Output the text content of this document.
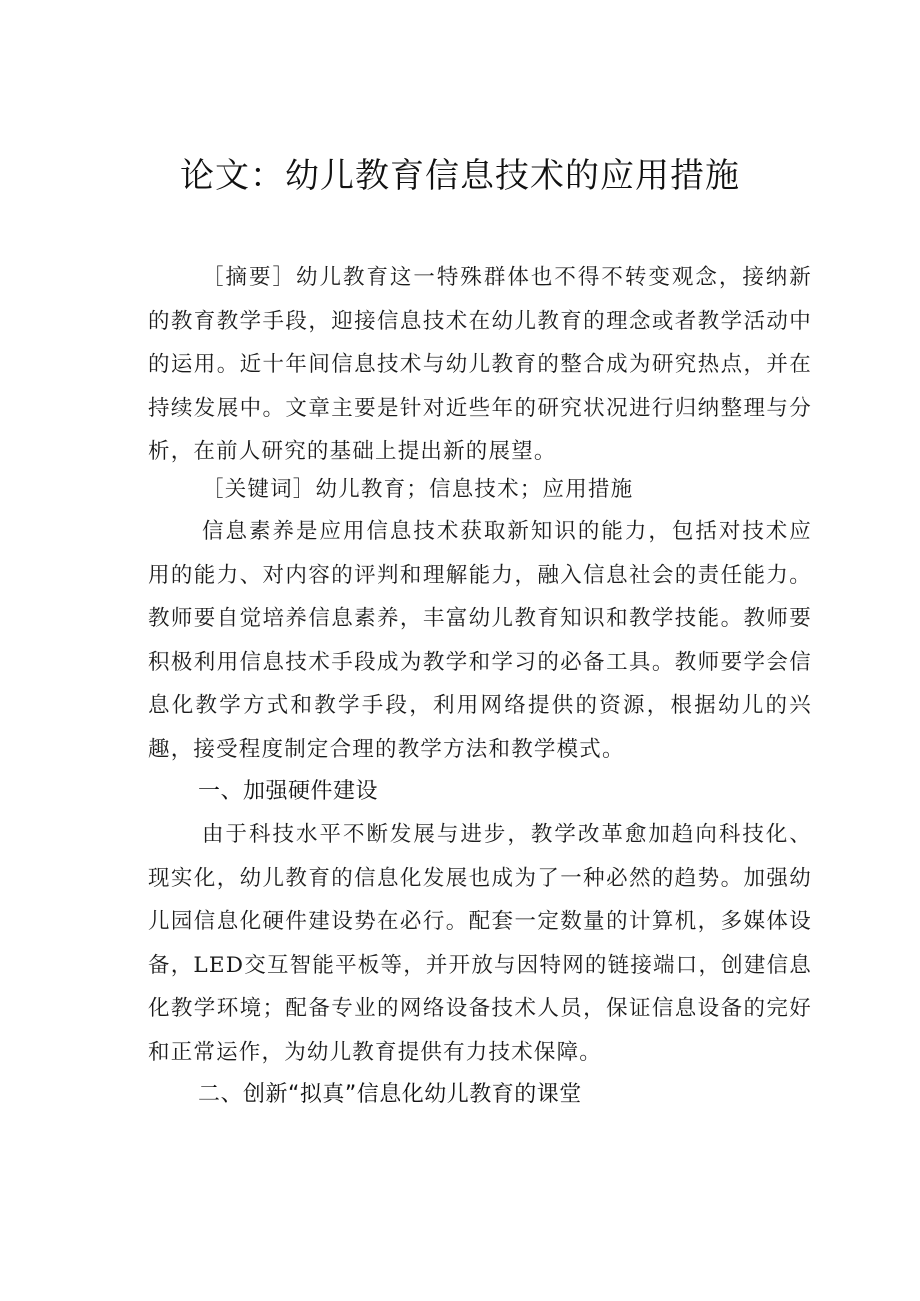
论文：幼儿教育信息技术的应用措施
［摘要］幼儿教育这一特殊群体也不得不转变观念，接纳新的教育教学手段，迎接信息技术在幼儿教育的理念或者教学活动中的运用。近十年间信息技术与幼儿教育的整合成为研究热点，并在持续发展中。文章主要是针对近些年的研究状况进行归纳整理与分析，在前人研究的基础上提出新的展望。
［关键词］幼儿教育；信息技术；应用措施
信息素养是应用信息技术获取新知识的能力，包括对技术应用的能力、对内容的评判和理解能力，融入信息社会的责任能力。教师要自觉培养信息素养，丰富幼儿教育知识和教学技能。教师要积极利用信息技术手段成为教学和学习的必备工具。教师要学会信息化教学方式和教学手段，利用网络提供的资源，根据幼儿的兴趣，接受程度制定合理的教学方法和教学模式。
一、加强硬件建设
由于科技水平不断发展与进步，教学改革愈加趋向科技化、现实化，幼儿教育的信息化发展也成为了一种必然的趋势。加强幼儿园信息化硬件建设势在必行。配套一定数量的计算机，多媒体设备，LED交互智能平板等，并开放与因特网的链接端口，创建信息化教学环境；配备专业的网络设备技术人员，保证信息设备的完好和正常运作，为幼儿教育提供有力技术保障。
二、创新“拟真”信息化幼儿教育的课堂
